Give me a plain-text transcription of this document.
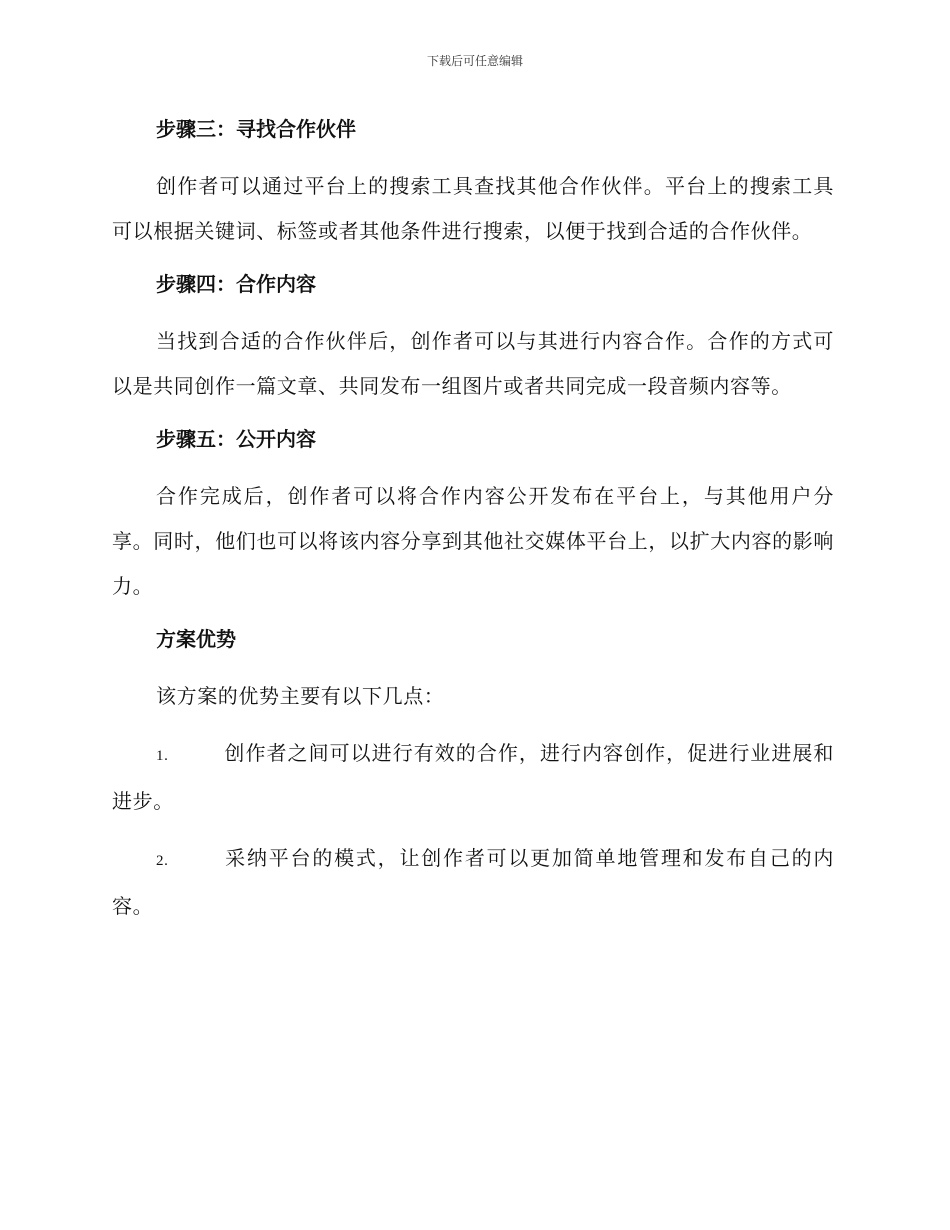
下载后可任意编辑
步骤三：寻找合作伙伴

创作者可以通过平台上的搜索工具查找其他合作伙伴。平台上的搜索工具可以根据关键词、标签或者其他条件进行搜索，以便于找到合适的合作伙伴。

步骤四：合作内容

当找到合适的合作伙伴后，创作者可以与其进行内容合作。合作的方式可以是共同创作一篇文章、共同发布一组图片或者共同完成一段音频内容等。

步骤五：公开内容

合作完成后，创作者可以将合作内容公开发布在平台上，与其他用户分享。同时，他们也可以将该内容分享到其他社交媒体平台上，以扩大内容的影响力。

方案优势

该方案的优势主要有以下几点：

1.	创作者之间可以进行有效的合作，进行内容创作，促进行业进展和进步。

2.	采纳平台的模式，让创作者可以更加简单地管理和发布自己的内容。
